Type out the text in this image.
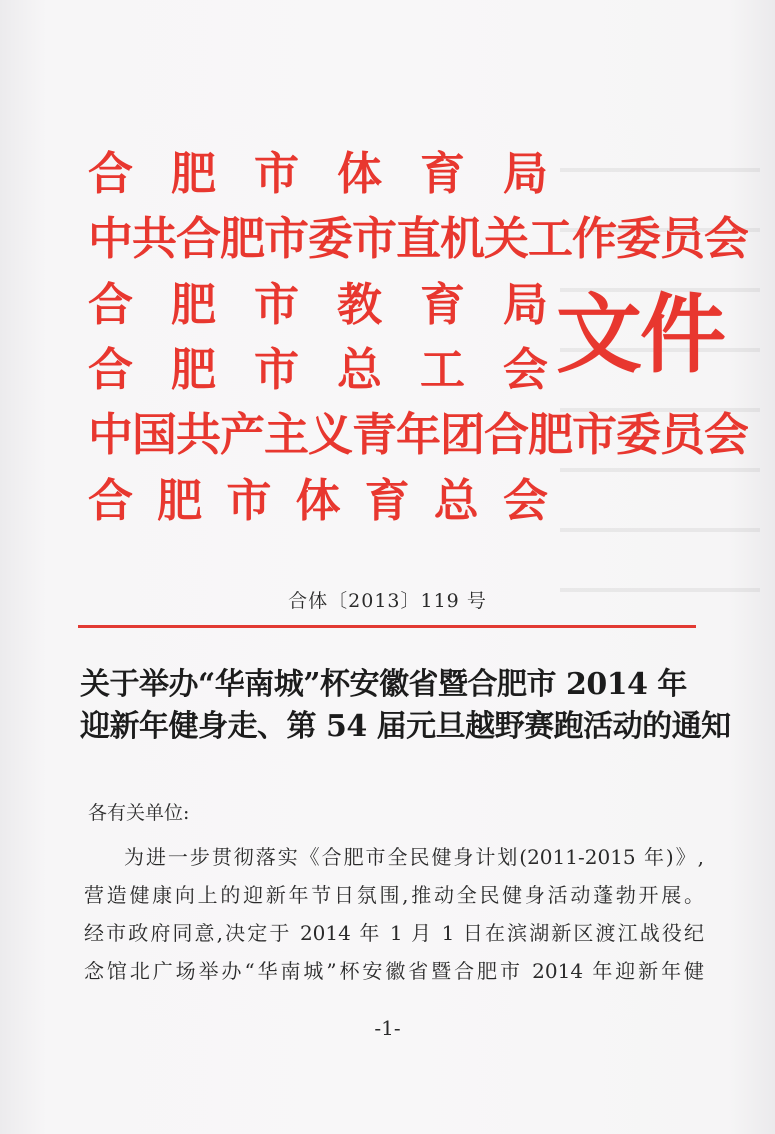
合 肥 市 体 育 局
中共合肥市委市直机关工作委员会
合 肥 市 教 育 局
合 肥 市 总 工 会
中国共产主义青年团合肥市委员会
合 肥 市 体 育 总 会
文件
合体〔2013〕119 号
关于举办“华南城”杯安徽省暨合肥市 2014 年
迎新年健身走、第 54 届元旦越野赛跑活动的通知
各有关单位:
为进一步贯彻落实《合肥市全民健身计划(2011-2015 年)》,
营造健康向上的迎新年节日氛围,推动全民健身活动蓬勃开展。
经市政府同意,决定于 2014 年 1 月 1 日在滨湖新区渡江战役纪
念馆北广场举办“华南城”杯安徽省暨合肥市 2014 年迎新年健
-1-
